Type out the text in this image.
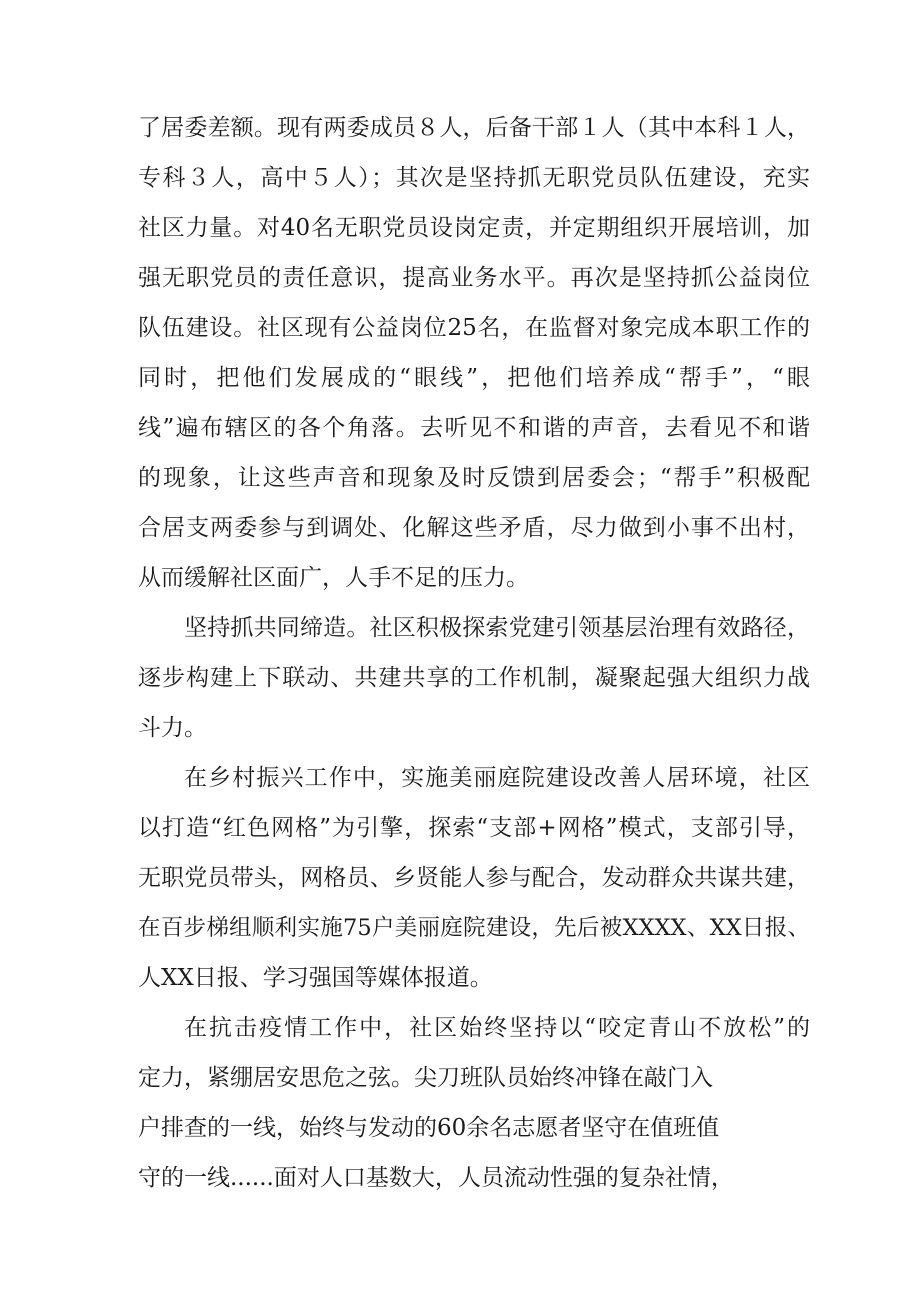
了居委差额。现有两委成员８人，后备干部１人（其中本科１人，
专科３人，高中５人）；其次是坚持抓无职党员队伍建设，充实
社区力量。对40名无职党员设岗定责，并定期组织开展培训，加
强无职党员的责任意识，提高业务水平。再次是坚持抓公益岗位
队伍建设。社区现有公益岗位25名，在监督对象完成本职工作的
同时，把他们发展成的“眼线”，把他们培养成“帮手”，“眼
线”遍布辖区的各个角落。去听见不和谐的声音，去看见不和谐
的现象，让这些声音和现象及时反馈到居委会；“帮手”积极配
合居支两委参与到调处、化解这些矛盾，尽力做到小事不出村，
从而缓解社区面广，人手不足的压力。
坚持抓共同缔造。社区积极探索党建引领基层治理有效路径，
逐步构建上下联动、共建共享的工作机制，凝聚起强大组织力战
斗力。
在乡村振兴工作中，实施美丽庭院建设改善人居环境，社区
以打造“红色网格”为引擎，探索“支部+网格”模式，支部引导，
无职党员带头，网格员、乡贤能人参与配合，发动群众共谋共建，
在百步梯组顺利实施75户美丽庭院建设，先后被XXXX、XX日报、
人XX日报、学习强国等媒体报道。
在抗击疫情工作中，社区始终坚持以“咬定青山不放松”的
定力，紧绷居安思危之弦。尖刀班队员始终冲锋在敲门入
户排查的一线，始终与发动的60余名志愿者坚守在值班值
守的一线......面对人口基数大，人员流动性强的复杂社情，
